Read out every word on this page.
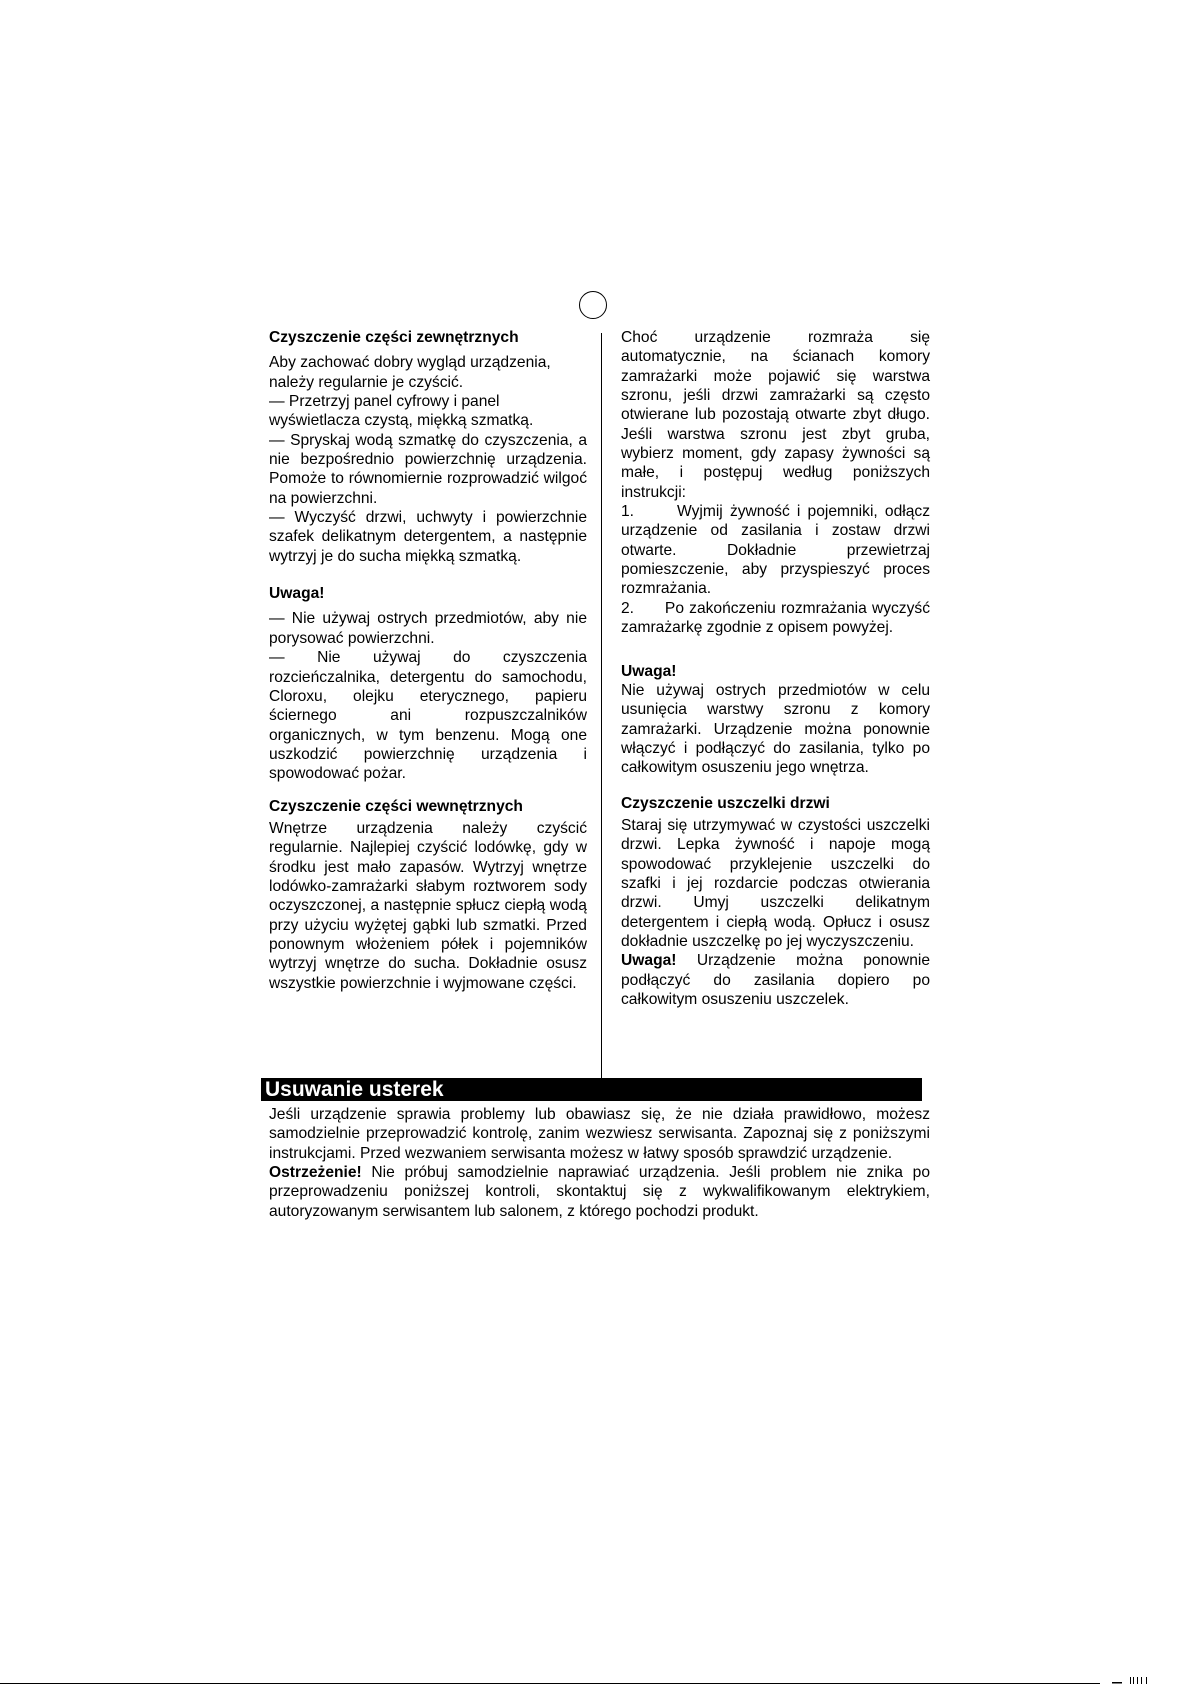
Czyszczenie części zewnętrznych

Aby zachować dobry wygląd urządzenia, należy regularnie je czyścić.

— Przetrzyj panel cyfrowy i panel wyświetlacza czystą, miękką szmatką.

— Spryskaj wodą szmatkę do czyszczenia, a nie bezpośrednio powierzchnię urządzenia. Pomoże to równomiernie rozprowadzić wilgoć na powierzchni.

— Wyczyść drzwi, uchwyty i powierzchnie szafek delikatnym detergentem, a następnie wytrzyj je do sucha miękką szmatką.

Uwaga!

— Nie używaj ostrych przedmiotów, aby nie porysować powierzchni.

— Nie używaj do czyszczenia rozcieńczalnika, detergentu do samochodu, Cloroxu, olejku eterycznego, papieru ściernego ani rozpuszczalników organicznych, w tym benzenu. Mogą one uszkodzić powierzchnię urządzenia i spowodować pożar.

Czyszczenie części wewnętrznych

Wnętrze urządzenia należy czyścić regularnie. Najlepiej czyścić lodówkę, gdy w środku jest mało zapasów. Wytrzyj wnętrze lodówko-zamrażarki słabym roztworem sody oczyszczonej, a następnie spłucz ciepłą wodą przy użyciu wyżętej gąbki lub szmatki. Przed ponownym włożeniem półek i pojemników wytrzyj wnętrze do sucha. Dokładnie osusz wszystkie powierzchnie i wyjmowane części.

Choć urządzenie rozmraża się automatycznie, na ścianach komory zamrażarki może pojawić się warstwa szronu, jeśli drzwi zamrażarki są często otwierane lub pozostają otwarte zbyt długo. Jeśli warstwa szronu jest zbyt gruba, wybierz moment, gdy zapasy żywności są małe, i postępuj według poniższych instrukcji:

1.      Wyjmij żywność i pojemniki, odłącz urządzenie od zasilania i zostaw drzwi otwarte. Dokładnie przewietrzaj pomieszczenie, aby przyspieszyć proces rozmrażania.

2.      Po zakończeniu rozmrażania wyczyść zamrażarkę zgodnie z opisem powyżej.

Uwaga!

Nie używaj ostrych przedmiotów w celu usunięcia warstwy szronu z komory zamrażarki. Urządzenie można ponownie włączyć i podłączyć do zasilania, tylko po całkowitym osuszeniu jego wnętrza.

Czyszczenie uszczelki drzwi

Staraj się utrzymywać w czystości uszczelki drzwi. Lepka żywność i napoje mogą spowodować przyklejenie uszczelki do szafki i jej rozdarcie podczas otwierania drzwi. Umyj uszczelki delikatnym detergentem i ciepłą wodą. Opłucz i osusz dokładnie uszczelkę po jej wyczyszczeniu.

Uwaga! Urządzenie można ponownie podłączyć do zasilania dopiero po całkowitym osuszeniu uszczelek.

Usuwanie usterek

Jeśli urządzenie sprawia problemy lub obawiasz się, że nie działa prawidłowo, możesz samodzielnie przeprowadzić kontrolę, zanim wezwiesz serwisanta. Zapoznaj się z poniższymi instrukcjami. Przed wezwaniem serwisanta możesz w łatwy sposób sprawdzić urządzenie.

Ostrzeżenie! Nie próbuj samodzielnie naprawiać urządzenia. Jeśli problem nie znika po przeprowadzeniu poniższej kontroli, skontaktuj się z wykwalifikowanym elektrykiem, autoryzowanym serwisantem lub salonem, z którego pochodzi produkt.
